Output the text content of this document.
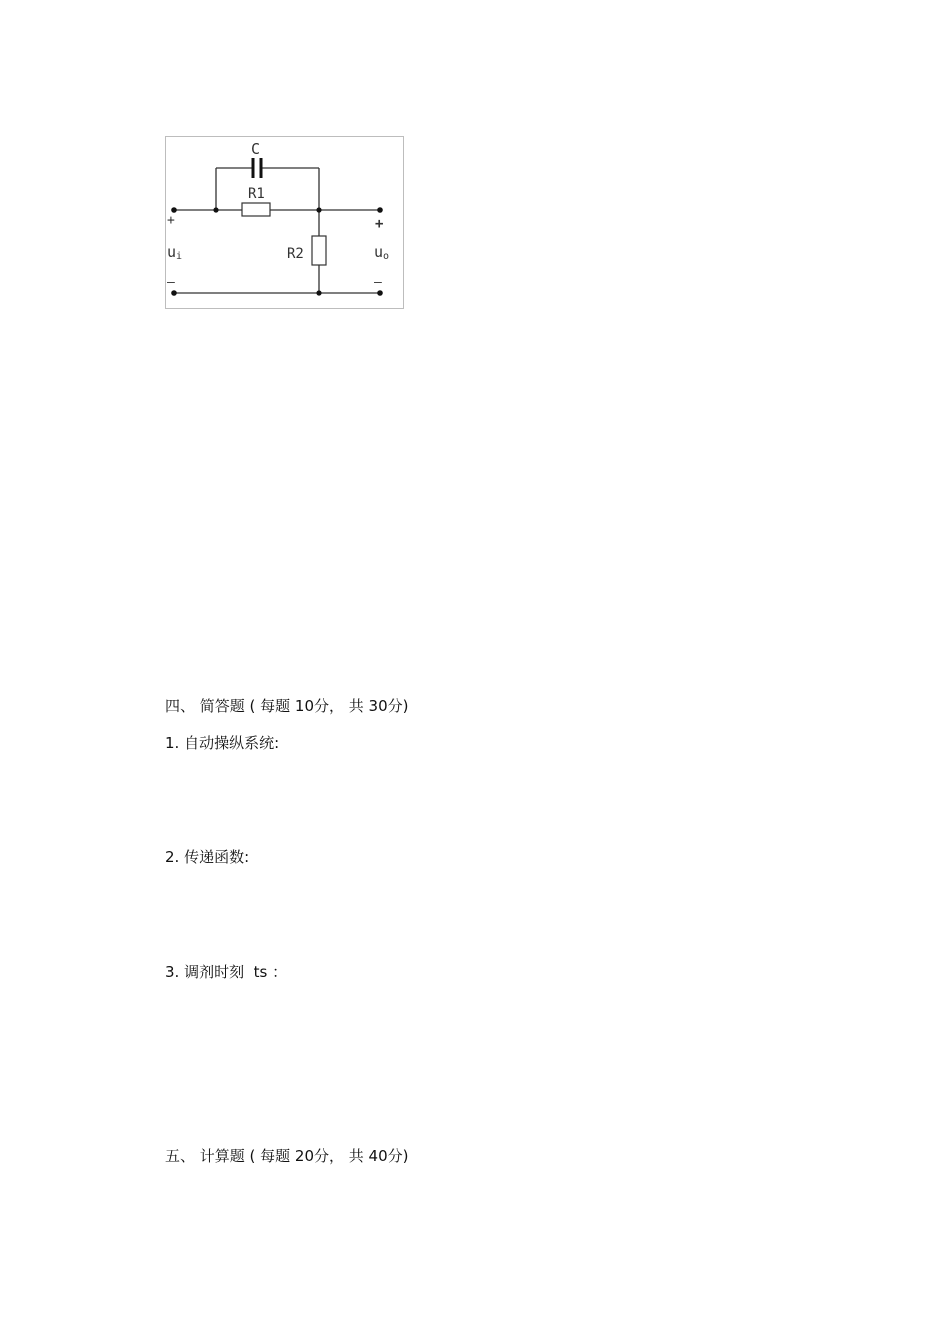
C
R1
R2
+	+
–	–
ui	uo

四、 简答题 ( 每题 10分， 共 30分)

1. 自动操纵系统:

2. 传递函数:

3. 调剂时刻  ts ：

五、 计算题 ( 每题 20分， 共 40分)
